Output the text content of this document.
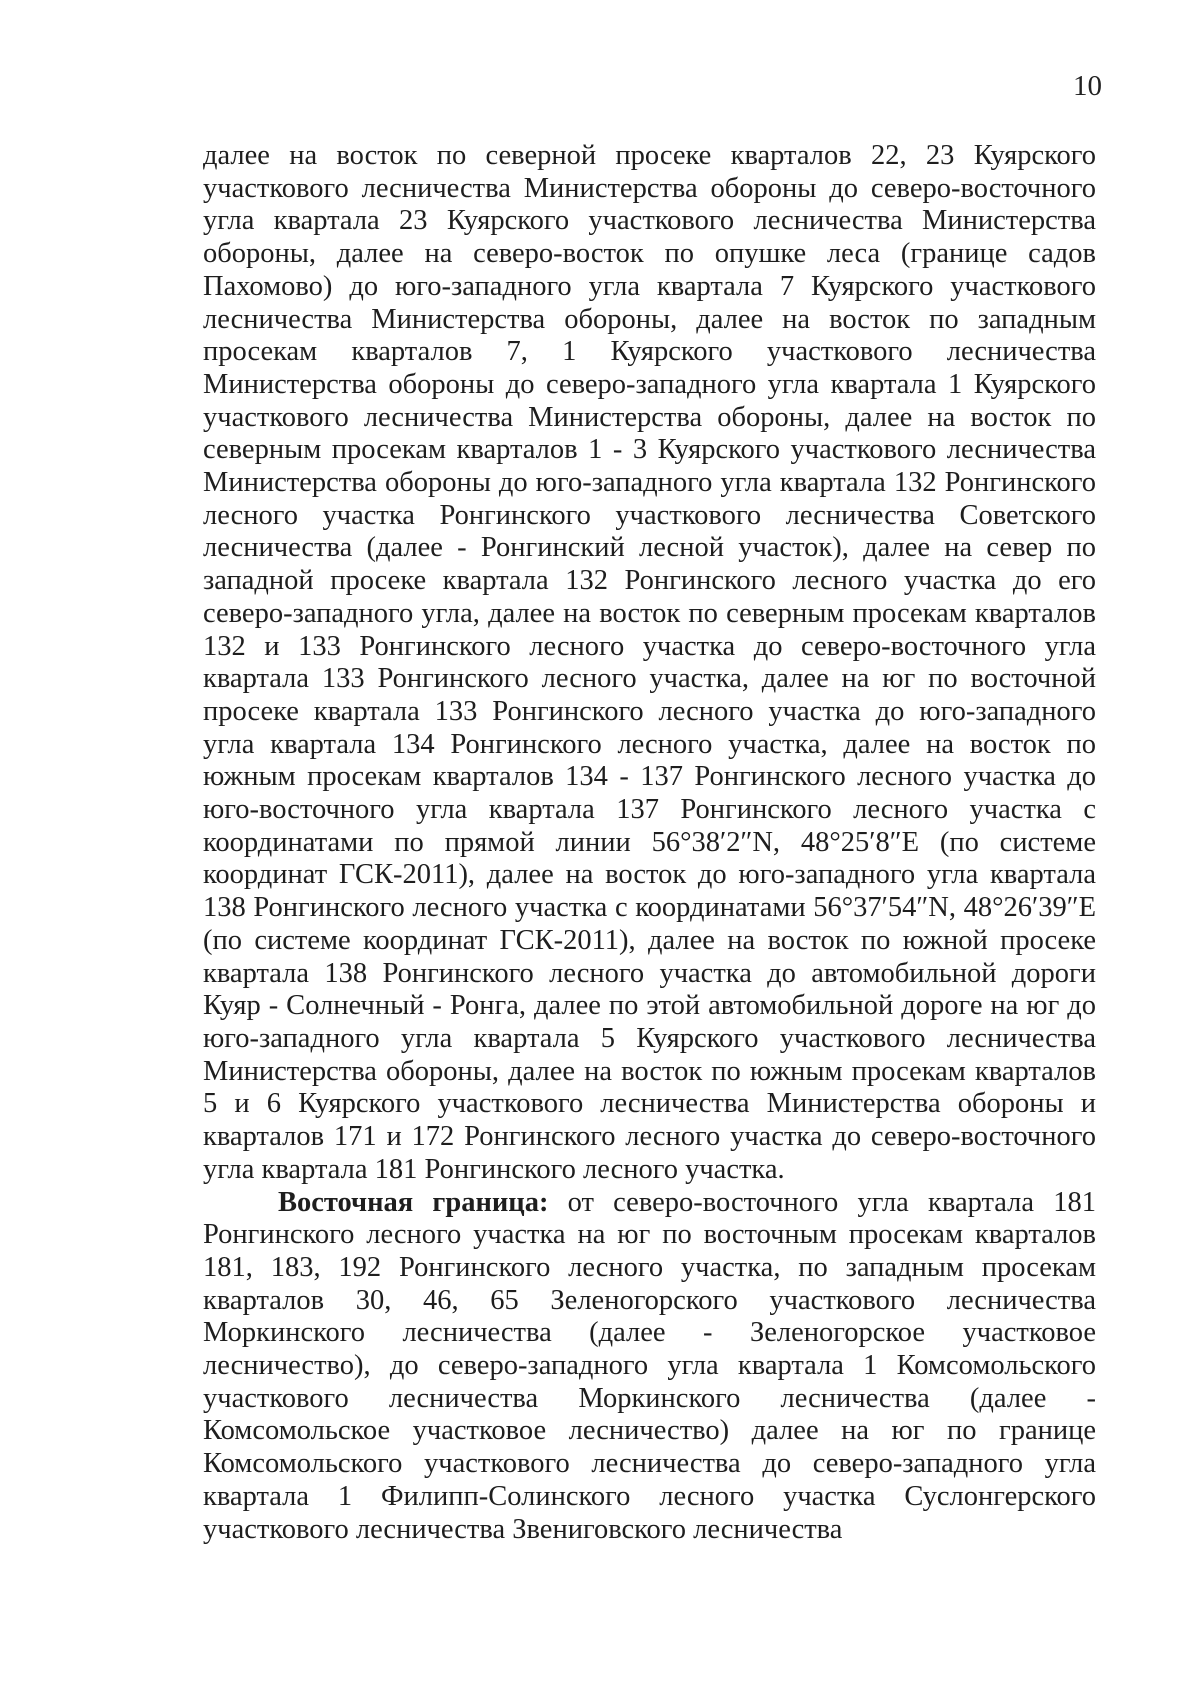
10

далее на восток по северной просеке кварталов 22, 23 Куярского участкового лесничества Министерства обороны до северо-восточного угла квартала 23 Куярского участкового лесничества Министерства обороны, далее на северо-восток по опушке леса (границе садов Пахомово) до юго-западного угла квартала 7 Куярского участкового лесничества Министерства обороны, далее на восток по западным просекам кварталов 7, 1 Куярского участкового лесничества Министерства обороны до северо-западного угла квартала 1 Куярского участкового лесничества Министерства обороны, далее на восток по северным просекам кварталов 1 - 3 Куярского участкового лесничества Министерства обороны до юго-западного угла квартала 132 Ронгинского лесного участка Ронгинского участкового лесничества Советского лесничества (далее - Ронгинский лесной участок), далее на север по западной просеке квартала 132 Ронгинского лесного участка до его северо-западного угла, далее на восток по северным просекам кварталов 132 и 133 Ронгинского лесного участка до северо-восточного угла квартала 133 Ронгинского лесного участка, далее на юг по восточной просеке квартала 133 Ронгинского лесного участка до юго-западного угла квартала 134 Ронгинского лесного участка, далее на восток по южным просекам кварталов 134 - 137 Ронгинского лесного участка до юго-восточного угла квартала 137 Ронгинского лесного участка с координатами по прямой линии 56°38′2″N, 48°25′8″E (по системе координат ГСК-2011), далее на восток до юго-западного угла квартала 138 Ронгинского лесного участка с координатами 56°37′54″N, 48°26′39″E (по системе координат ГСК-2011), далее на восток по южной просеке квартала 138 Ронгинского лесного участка до автомобильной дороги Куяр - Солнечный - Ронга, далее по этой автомобильной дороге на юг до юго-западного угла квартала 5 Куярского участкового лесничества Министерства обороны, далее на восток по южным просекам кварталов 5 и 6 Куярского участкового лесничества Министерства обороны и кварталов 171 и 172 Ронгинского лесного участка до северо-восточного угла квартала 181 Ронгинского лесного участка.

Восточная граница: от северо-восточного угла квартала 181 Ронгинского лесного участка на юг по восточным просекам кварталов 181, 183, 192 Ронгинского лесного участка, по западным просекам кварталов 30, 46, 65 Зеленогорского участкового лесничества Моркинского лесничества (далее - Зеленогорское участковое лесничество), до северо-западного угла квартала 1 Комсомольского участкового лесничества Моркинского лесничества (далее - Комсомольское участковое лесничество) далее на юг по границе Комсомольского участкового лесничества до северо-западного угла квартала 1 Филипп-Солинского лесного участка Суслонгерского участкового лесничества Звениговского лесничества
